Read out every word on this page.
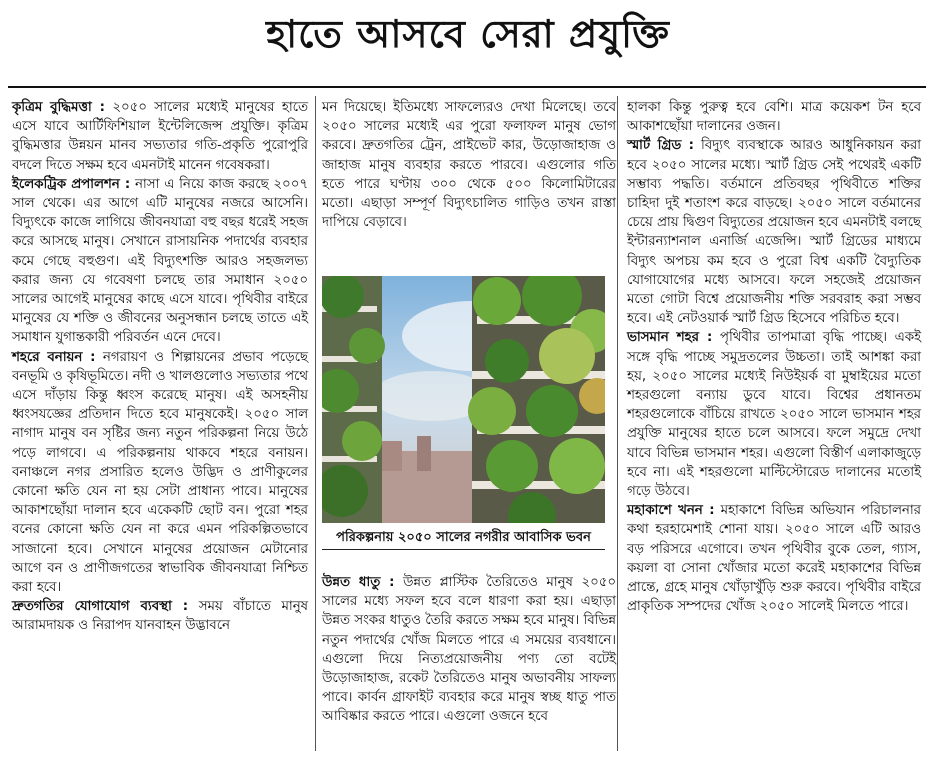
হাতে আসবে সেরা প্রযুক্তি

কৃত্রিম বুদ্ধিমত্তা : ২০৫০ সালের মধ্যেই মানুষের হাতে এসে যাবে আর্টিফিশিয়াল ইন্টেলিজেন্স প্রযুক্তি। কৃত্রিম বুদ্ধিমত্তার উন্নয়ন মানব সভ্যতার গতি-প্রকৃতি পুরোপুরি বদলে দিতে সক্ষম হবে এমনটাই মানেন গবেষকরা।

ইলেকট্রিক প্রপালশন : নাসা এ নিয়ে কাজ করছে ২০০৭ সাল থেকে। এর আগে এটি মানুষের নজরে আসেনি। বিদ্যুৎকে কাজে লাগিয়ে জীবনযাত্রা বহু বছর ধরেই সহজ করে আসছে মানুষ। সেখানে রাসায়নিক পদার্থের ব্যবহার কমে গেছে বহুগুণ। এই বিদ্যুৎশক্তি আরও সহজলভ্য করার জন্য যে গবেষণা চলছে তার সমাধান ২০৫০ সালের আগেই মানুষের কাছে এসে যাবে। পৃথিবীর বাইরে মানুষের যে শক্তি ও জীবনের অনুসন্ধান চলছে তাতে এই সমাধান যুগান্তকারী পরিবর্তন এনে দেবে।

শহরে বনায়ন : নগরায়ণ ও শিল্পায়নের প্রভাব পড়েছে বনভূমি ও কৃষিভূমিতে। নদী ও খালগুলোও সভ্যতার পথে এসে দাঁড়ায় কিন্তু ধ্বংস করেছে মানুষ। এই অসহনীয় ধ্বংসযজ্ঞের প্রতিদান দিতে হবে মানুষকেই। ২০৫০ সাল নাগাদ মানুষ বন সৃষ্টির জন্য নতুন পরিকল্পনা নিয়ে উঠে পড়ে লাগবে। এ পরিকল্পনায় থাকবে শহরে বনায়ন। বনাঞ্চলে নগর প্রসারিত হলেও উদ্ভিদ ও প্রাণীকুলের কোনো ক্ষতি যেন না হয় সেটা প্রাধান্য পাবে। মানুষের আকাশছোঁয়া দালান হবে একেকটি ছোট বন। পুরো শহর বনের কোনো ক্ষতি যেন না করে এমন পরিকল্পিতভাবে সাজানো হবে। সেখানে মানুষের প্রয়োজন মেটানোর আগে বন ও প্রাণীজগতের স্বাভাবিক জীবনযাত্রা নিশ্চিত করা হবে।

দ্রুতগতির যোগাযোগ ব্যবস্থা : সময় বাঁচাতে মানুষ আরামদায়ক ও নিরাপদ যানবাহন উদ্ভাবনে

মন দিয়েছে। ইতিমধ্যে সাফল্যেরও দেখা মিলেছে। তবে ২০৫০ সালের মধ্যেই এর পুরো ফলাফল মানুষ ভোগ করবে। দ্রুতগতির ট্রেন, প্রাইভেট কার, উড়োজাহাজ ও জাহাজ মানুষ ব্যবহার করতে পারবে। এগুলোর গতি হতে পারে ঘণ্টায় ৩০০ থেকে ৫০০ কিলোমিটারের মতো। এছাড়া সম্পূর্ণ বিদ্যুৎচালিত গাড়িও তখন রাস্তা দাপিয়ে বেড়াবে।

পরিকল্পনায় ২০৫০ সালের নগরীর আবাসিক ভবন

উন্নত ধাতু : উন্নত প্লাস্টিক তৈরিতেও মানুষ ২০৫০ সালের মধ্যে সফল হবে বলে ধারণা করা হয়। এছাড়া উন্নত সংকর ধাতুও তৈরি করতে সক্ষম হবে মানুষ। বিভিন্ন নতুন পদার্থের খোঁজ মিলতে পারে এ সময়ের ব্যবধানে। এগুলো দিয়ে নিত্যপ্রয়োজনীয় পণ্য তো বটেই উড়োজাহাজ, রকেট তৈরিতেও মানুষ অভাবনীয় সাফল্য পাবে। কার্বন গ্রাফাইট ব্যবহার করে মানুষ স্বচ্ছ ধাতু পাত আবিষ্কার করতে পারে। এগুলো ওজনে হবে

হালকা কিন্তু পুরুত্ব হবে বেশি। মাত্র কয়েকশ টন হবে আকাশছোঁয়া দালানের ওজন।

স্মার্ট গ্রিড : বিদ্যুৎ ব্যবস্থাকে আরও আধুনিকায়ন করা হবে ২০৫০ সালের মধ্যে। স্মার্ট গ্রিড সেই পথেরই একটি সম্ভাব্য পদ্ধতি। বর্তমানে প্রতিবছর পৃথিবীতে শক্তির চাহিদা দুই শতাংশ করে বাড়ছে। ২০৫০ সালে বর্তমানের চেয়ে প্রায় দ্বিগুণ বিদ্যুতের প্রয়োজন হবে এমনটাই বলছে ইন্টারন্যাশনাল এনার্জি এজেন্সি। স্মার্ট গ্রিডের মাধ্যমে বিদ্যুৎ অপচয় কম হবে ও পুরো বিশ্ব একটি বৈদ্যুতিক যোগাযোগের মধ্যে আসবে। ফলে সহজেই প্রয়োজন মতো গোটা বিশ্বে প্রয়োজনীয় শক্তি সরবরাহ করা সম্ভব হবে। এই নেটওয়ার্ক স্মার্ট গ্রিড হিসেবে পরিচিত হবে।

ভাসমান শহর : পৃথিবীর তাপমাত্রা বৃদ্ধি পাচ্ছে। একই সঙ্গে বৃদ্ধি পাচ্ছে সমুদ্রতলের উচ্চতা। তাই আশঙ্কা করা হয়, ২০৫০ সালের মধ্যেই নিউইয়র্ক বা মুম্বাইয়ের মতো শহরগুলো বন্যায় ডুবে যাবে। বিশ্বের প্রধানতম শহরগুলোকে বাঁচিয়ে রাখতে ২০৫০ সালে ভাসমান শহর প্রযুক্তি মানুষের হাতে চলে আসবে। ফলে সমুদ্রে দেখা যাবে বিভিন্ন ভাসমান শহর। এগুলো বিস্তীর্ণ এলাকাজুড়ে হবে না। এই শহরগুলো মাল্টিস্টোরেড দালানের মতোই গড়ে উঠবে।

মহাকাশে খনন : মহাকাশে বিভিন্ন অভিযান পরিচালনার কথা হরহামেশাই শোনা যায়। ২০৫০ সালে এটি আরও বড় পরিসরে এগোবে। তখন পৃথিবীর বুকে তেল, গ্যাস, কয়লা বা সোনা খোঁজার মতো করেই মহাকাশের বিভিন্ন প্রান্তে, গ্রহে মানুষ খোঁড়াখুঁড়ি শুরু করবে। পৃথিবীর বাইরে প্রাকৃতিক সম্পদের খোঁজ ২০৫০ সালেই মিলতে পারে।
